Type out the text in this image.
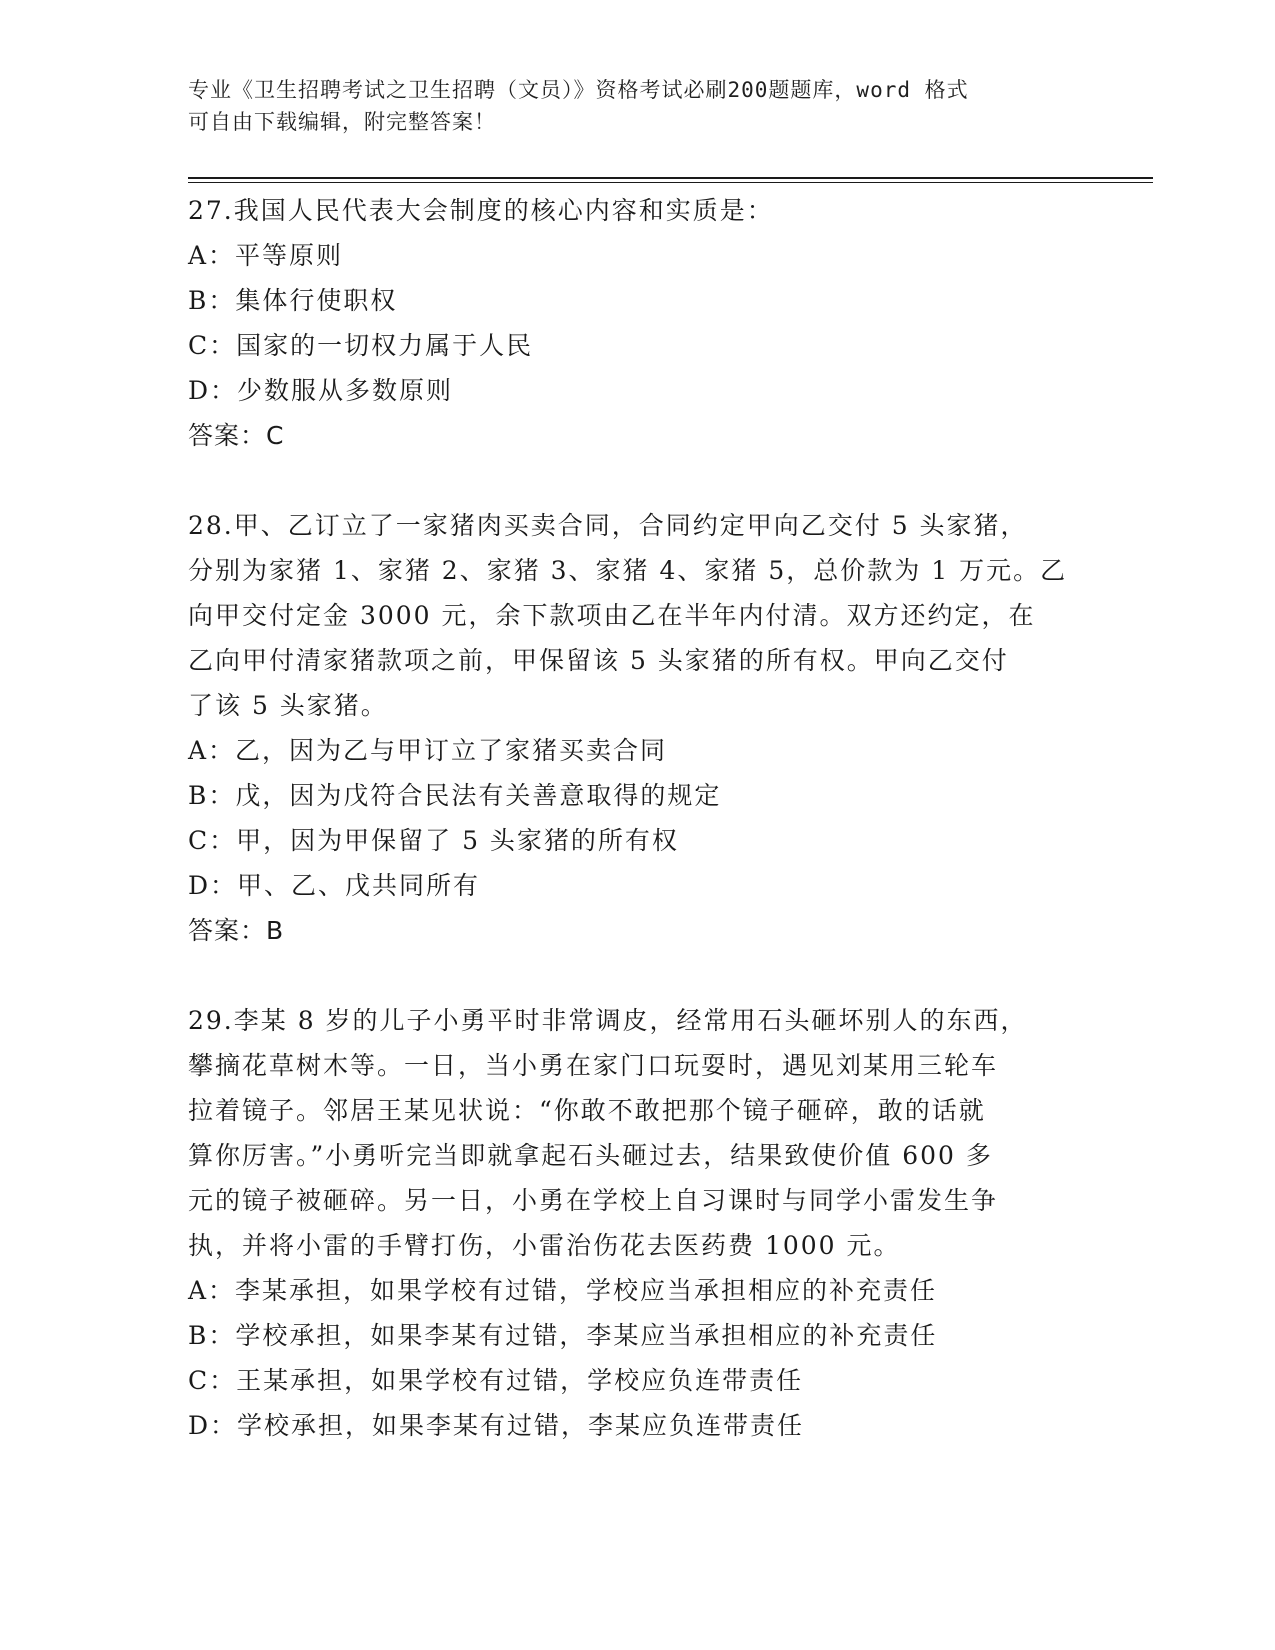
专业《卫生招聘考试之卫生招聘（文员）》资格考试必刷200题题库，word 格式
可自由下载编辑，附完整答案！
27.我国人民代表大会制度的核心内容和实质是：
A：平等原则
B：集体行使职权
C：国家的一切权力属于人民
D：少数服从多数原则
答案：C
28.甲、乙订立了一家猪肉买卖合同，合同约定甲向乙交付 5 头家猪，
分别为家猪 1、家猪 2、家猪 3、家猪 4、家猪 5，总价款为 1 万元。乙
向甲交付定金 3000 元，余下款项由乙在半年内付清。双方还约定，在
乙向甲付清家猪款项之前，甲保留该 5 头家猪的所有权。甲向乙交付
了该 5 头家猪。
A：乙，因为乙与甲订立了家猪买卖合同
B：戊，因为戊符合民法有关善意取得的规定
C：甲，因为甲保留了 5 头家猪的所有权
D：甲、乙、戊共同所有
答案：B
29.李某 8 岁的儿子小勇平时非常调皮，经常用石头砸坏别人的东西，
攀摘花草树木等。一日，当小勇在家门口玩耍时，遇见刘某用三轮车
拉着镜子。邻居王某见状说：“你敢不敢把那个镜子砸碎，敢的话就
算你厉害。”小勇听完当即就拿起石头砸过去，结果致使价值 600 多
元的镜子被砸碎。另一日，小勇在学校上自习课时与同学小雷发生争
执，并将小雷的手臂打伤，小雷治伤花去医药费 1000 元。
A：李某承担，如果学校有过错，学校应当承担相应的补充责任
B：学校承担，如果李某有过错，李某应当承担相应的补充责任
C：王某承担，如果学校有过错，学校应负连带责任
D：学校承担，如果李某有过错，李某应负连带责任
